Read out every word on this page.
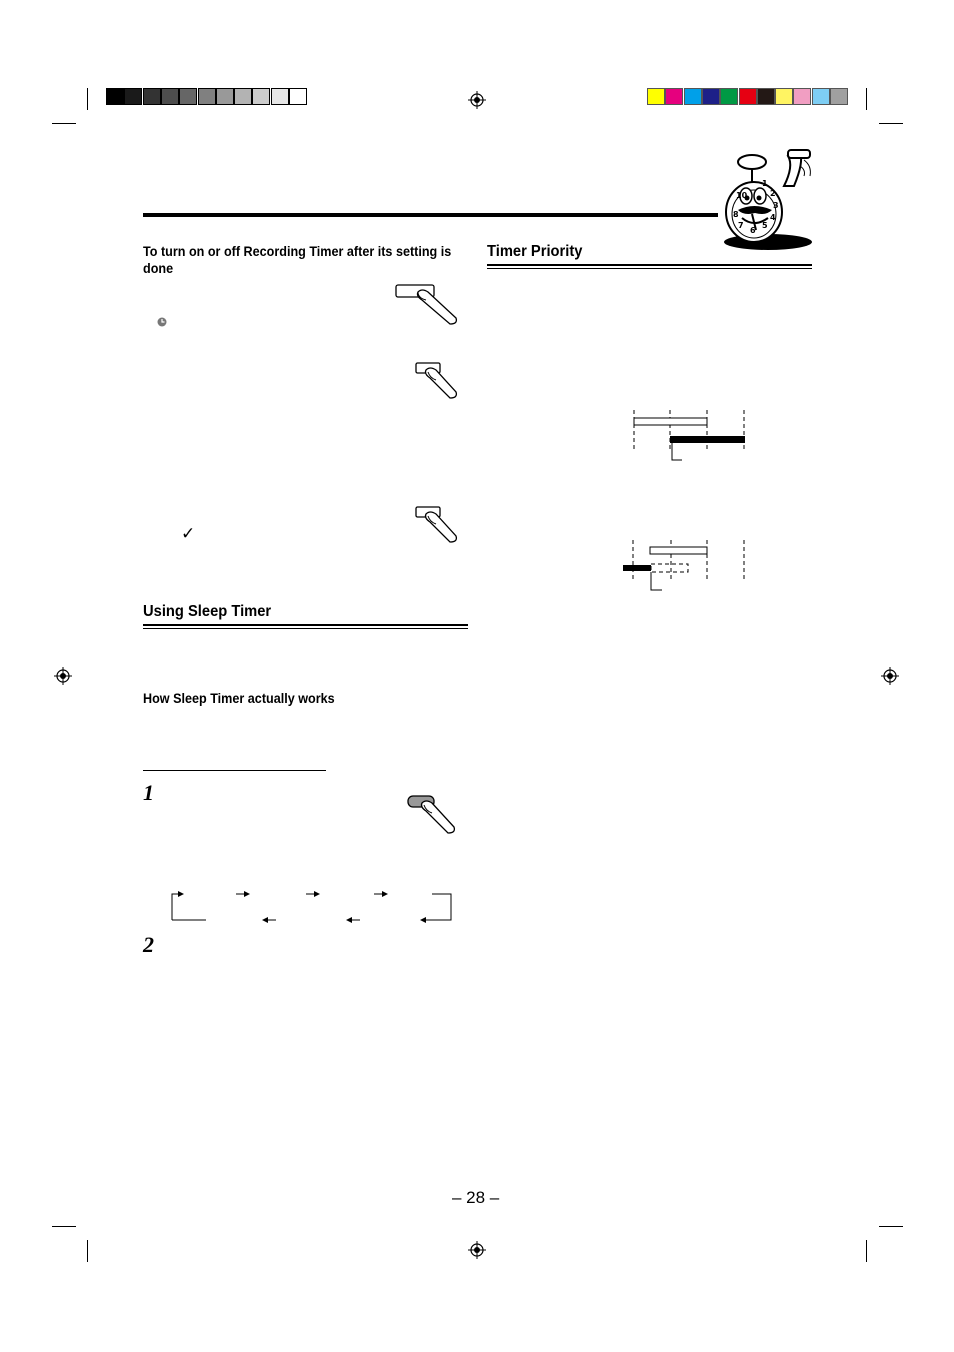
1
2
3
4
5
6
7
8
10
To turn on or off Recording Timer after its setting is done
✓
Using Sleep Timer
How Sleep Timer actually works
1
2
Timer Priority
– 28 –
